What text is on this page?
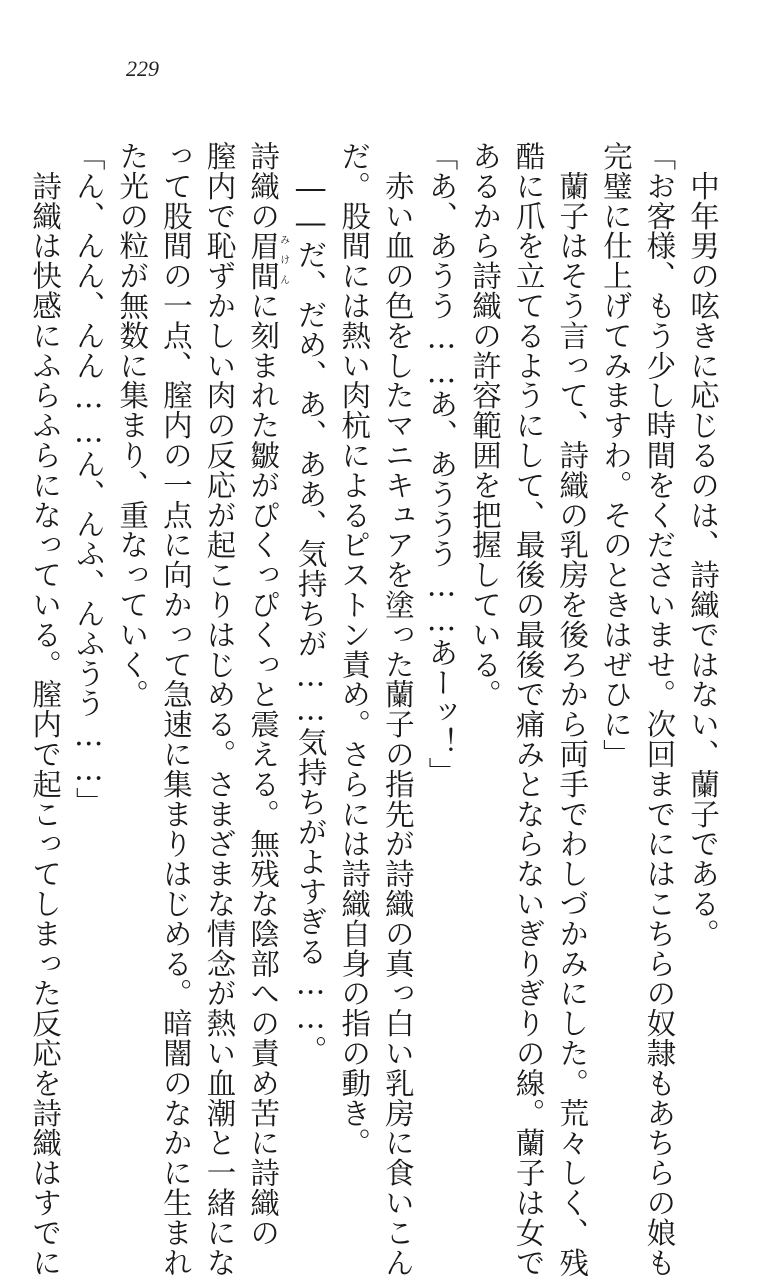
229
　中年男の呟きに応じるのは、詩織ではない、蘭子である。
「お客様、もう少し時間をくださいませ。次回までにはこちらの奴隷もあちらの娘も
完璧に仕上げてみますわ。そのときはぜひに」
　蘭子はそう言って、詩織の乳房を後ろから両手でわしづかみにした。荒々しく、残
酷に爪を立てるようにして、最後の最後で痛みとならないぎりぎりの線。蘭子は女で
あるから詩織の許容範囲を把握している。
「あ、あうう……あ、あううう……あーッ！」
　赤い血の色をしたマニキュアを塗った蘭子の指先が詩織の真っ白い乳房に食いこん
だ。股間には熱い肉杭によるピストン責め。さらには詩織自身の指の動き。
　――だ、だめ、あ、ああ、気持ちが……気持ちがよすぎる……。
詩織の眉間みけんに刻まれた皺がぴくっぴくっと震える。無残な陰部への責め苦に詩織の
膣内で恥ずかしい肉の反応が起こりはじめる。さまざまな情念が熱い血潮と一緒にな
って股間の一点、膣内の一点に向かって急速に集まりはじめる。暗闇のなかに生まれ
た光の粒が無数に集まり、重なっていく。
「ん、んん、んん……ん、んふ、んふうう……」
　詩織は快感にふらふらになっている。膣内で起こってしまった反応を詩織はすでに
